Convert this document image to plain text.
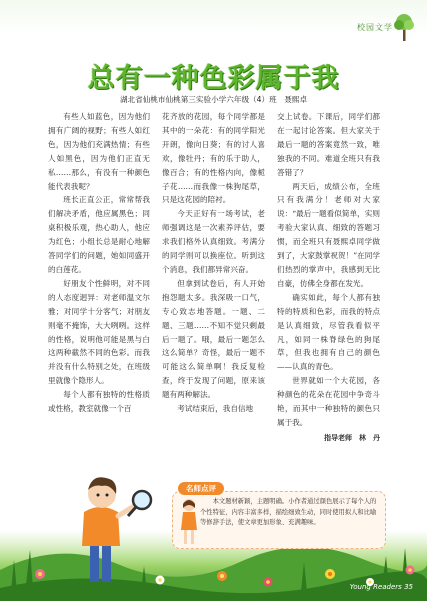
校园文学
总有一种色彩属于我
湖北省仙桃市仙桃第三实验小学六年级（4）班　聂熙卓

有些人如蓝色，因为他们拥有广阔的视野；有些人如红色，因为他们充满热情；有些人如黑色，因为他们正直无私……那么，有没有一种颜色能代表我呢？

班长正直公正，常常帮我们解决矛盾，他应属黑色；同桌积极乐观，热心助人，他应为红色；小组长总是耐心地解答同学们的问题，她如同盛开的白莲花。

好朋友个性鲜明，对不同的人态度迥异：对老师温文尔雅；对同学十分客气；对朋友则毫不掩饰，大大咧咧。这样的性格，说明他可能是黑与白这两种截然不同的色彩。而我并没有什么特别之处，在班级里就像个隐形人。

每个人都有独特的性格质或性格，教室就像一个百

花齐放的花园，每个同学都是其中的一朵花：有的同学阳光开朗，像向日葵；有的讨人喜欢，像牡丹；有的乐于助人，像百合；有的性格内向，像栀子花……而我像一株狗尾草，只是这花园的陪衬。

今天正好有一场考试，老师强调这是一次素养评估，要求我们格外认真细致。考满分的同学则可以换座位。听到这个消息，我们都异常兴奋。

但拿到试卷后，有人开始抱怨题太多。我深吸一口气，专心致志地答题。一题、二题、三题……不知不觉只剩最后一题了。哦，最后一题怎么这么简单？奇怪，最后一题不可能这么简单啊！我反复检查，终于发现了问题，原来该题有两种解法。

考试结束后，我自信地

交上试卷。下课后，同学们都在一起讨论答案。但大家关于最后一题的答案竟然一致，唯独我的不同。难道全班只有我答错了？

两天后，成绩公布，全班只有我满分！老师对大家说：“最后一题看似简单，实则考验大家认真、细致的答题习惯，而全班只有聂熙卓同学做到了，大家鼓掌祝贺！”在同学们热烈的掌声中，我感到无比自豪，仿佛全身都在发光。

确实如此，每个人都有独特的特质和色彩，而我的特点是认真细致，尽管我看似平凡，如同一株脊绿色的狗尾草，但我也拥有自己的颜色——认真的青色。

世界就如一个大花园，各种颜色的花朵在花园中争奇斗艳，而其中一种独特的颜色只属于我。

指导老师　林　丹
名师点评
本文题材新颖，主题明确。小作者通过颜色展示了每个人的个性特征，内容丰富多样，描绘细致生动，同时使用拟人和比喻等修辞手法，使文章更加形象、充满趣味。
Young Readers 35
